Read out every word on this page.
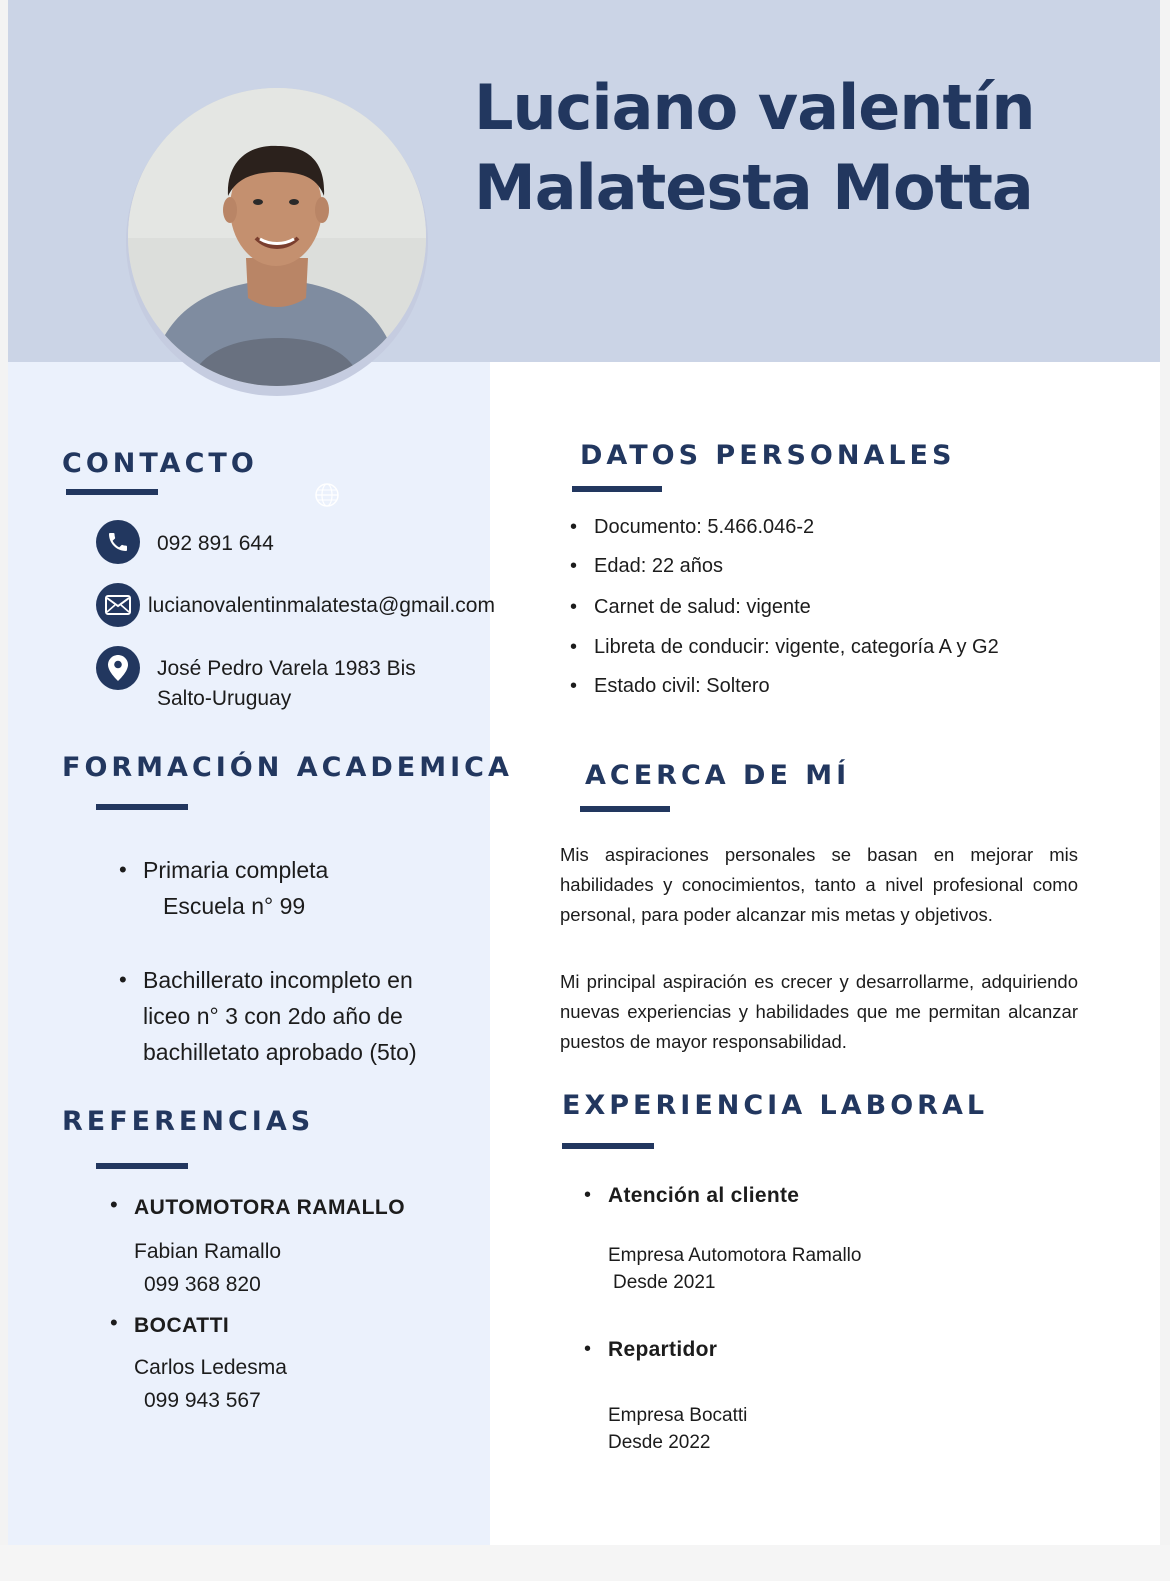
Luciano valentín
Malatesta Motta
CONTACTO
092 891 644
lucianovalentinmalatesta@gmail.com
José Pedro Varela 1983 Bis
Salto-Uruguay
FORMACIÓN ACADEMICA
• Primaria completa
Escuela n° 99
• Bachillerato incompleto en
liceo n° 3 con 2do año de
bachilletato aprobado (5to)
REFERENCIAS
AUTOMOTORA RAMALLO
•
Fabian Ramallo
099 368 820
BOCATTI
•
Carlos Ledesma
099 943 567
DATOS PERSONALES
• Documento: 5.466.046-2
• Edad: 22 años
• Carnet de salud: vigente
• Libreta de conducir: vigente, categoría A y G2
• Estado civil: Soltero
ACERCA DE MÍ

Mis aspiraciones personales se basan en mejorar mis habilidades y conocimientos, tanto a nivel profesional como personal, para poder alcanzar mis metas y objetivos.

Mi principal aspiración es crecer y desarrollarme, adquiriendo nuevas experiencias y habilidades que me permitan alcanzar puestos de mayor responsabilidad.

EXPERIENCIA LABORAL
• Atención al cliente
Empresa Automotora Ramallo
Desde 2021
• Repartidor
Empresa Bocatti
Desde 2022
